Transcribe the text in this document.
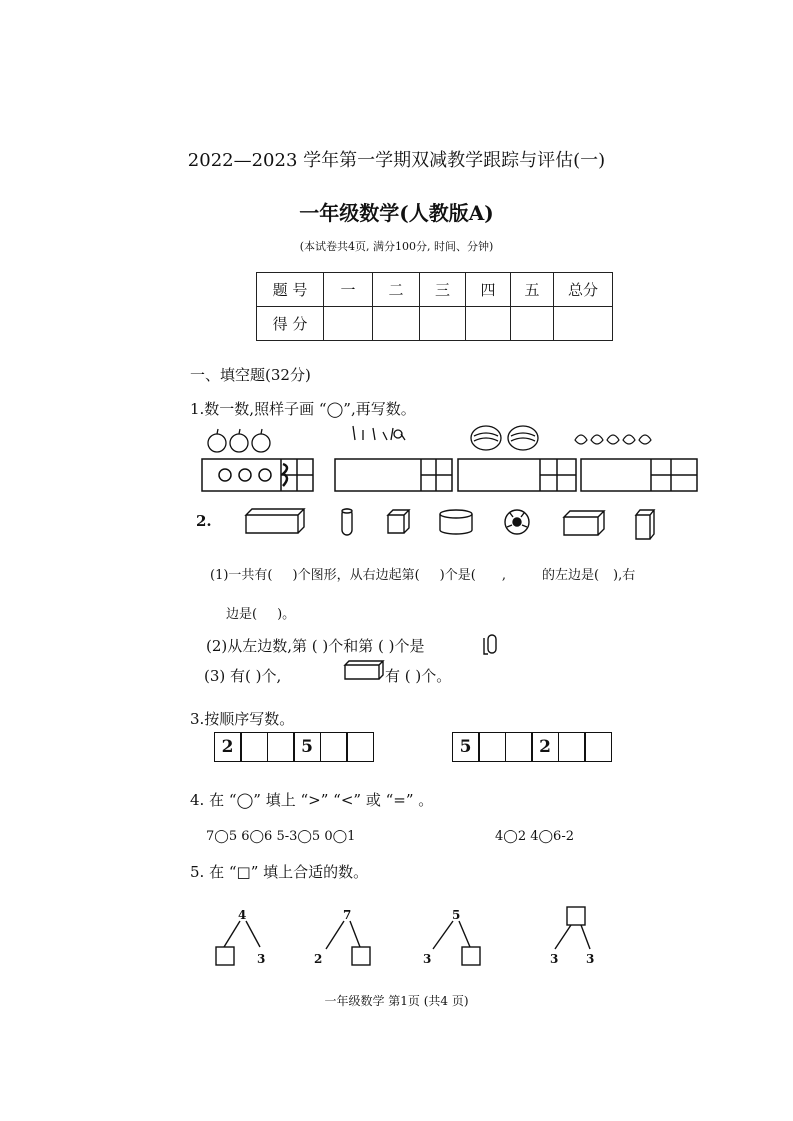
2022—2023 学年第一学期双减教学跟踪与评估(一)
一年级数学(人教版A)
(本试卷共4页, 满分100分, 时间、分钟)
题 号	一	二	三	四	五	总分
得 分						
一、填空题(32分)
1.数一数,照样子画 “◯”,再写数。
2.
(1)一共有( )个图形，从右边起第( )个是( ,	的左边是( ),右
边是( )。
(2)从左边数,第 ( )个和第 ( )个是
(3) 有( )个,	有 ( )个。
3.按顺序写数。
2	5	5	2
4. 在 “◯” 填上 “>” “<” 或 “=” 。
7◯5 6◯6 5-3◯5 0◯1	4◯2 4◯6-2
5. 在 “□” 填上合适的数。
4
3
7
2
5
3	3 3
一年级数学 第1页 (共4 页)
